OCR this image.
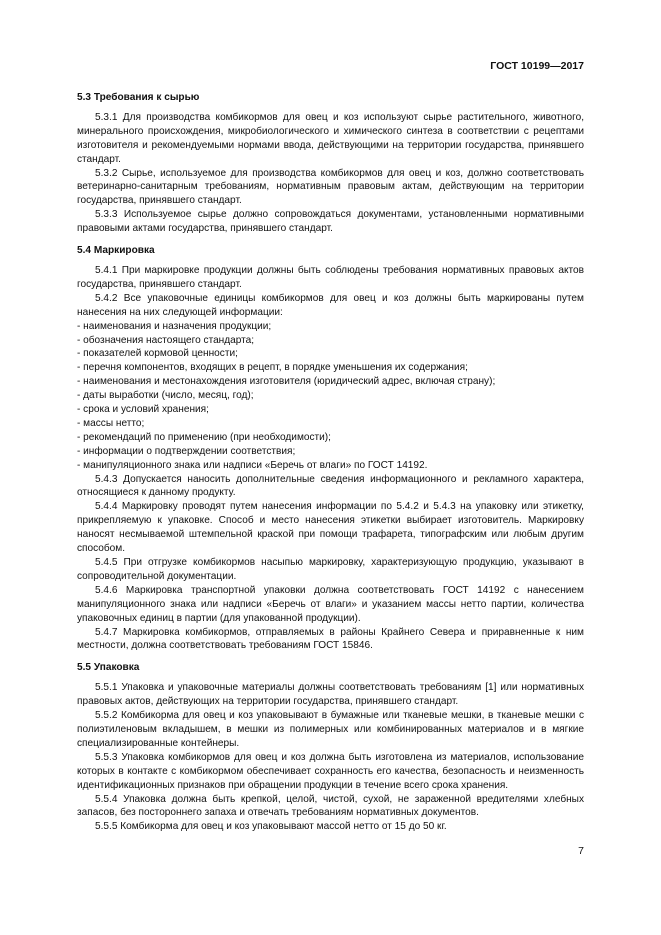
ГОСТ 10199—2017
5.3 Требования к сырью

5.3.1 Для производства комбикормов для овец и коз используют сырье растительного, животного, минерального происхождения, микробиологического и химического синтеза в соответствии с рецептами изготовителя и рекомендуемыми нормами ввода, действующими на территории государства, принявшего стандарт.

5.3.2 Сырье, используемое для производства комбикормов для овец и коз, должно соответствовать ветеринарно-санитарным требованиям, нормативным правовым актам, действующим на территории государства, принявшего стандарт.

5.3.3 Используемое сырье должно сопровождаться документами, установленными нормативными правовыми актами государства, принявшего стандарт.

5.4 Маркировка

5.4.1 При маркировке продукции должны быть соблюдены требования нормативных правовых актов государства, принявшего стандарт.

5.4.2 Все упаковочные единицы комбикормов для овец и коз должны быть маркированы путем нанесения на них следующей информации:

- наименования и назначения продукции;

- обозначения настоящего стандарта;

- показателей кормовой ценности;

- перечня компонентов, входящих в рецепт, в порядке уменьшения их содержания;

- наименования и местонахождения изготовителя (юридический адрес, включая страну);

- даты выработки (число, месяц, год);

- срока и условий хранения;

- массы нетто;

- рекомендаций по применению (при необходимости);

- информации о подтверждении соответствия;

- манипуляционного знака или надписи «Беречь от влаги» по ГОСТ 14192.

5.4.3 Допускается наносить дополнительные сведения информационного и рекламного характера, относящиеся к данному продукту.

5.4.4 Маркировку проводят путем нанесения информации по 5.4.2 и 5.4.3 на упаковку или этикетку, прикрепляемую к упаковке. Способ и место нанесения этикетки выбирает изготовитель. Маркировку наносят несмываемой штемпельной краской при помощи трафарета, типографским или любым другим способом.

5.4.5 При отгрузке комбикормов насыпью маркировку, характеризующую продукцию, указывают в сопроводительной документации.

5.4.6 Маркировка транспортной упаковки должна соответствовать ГОСТ 14192 с нанесением манипуляционного знака или надписи «Беречь от влаги» и указанием массы нетто партии, количества упаковочных единиц в партии (для упакованной продукции).

5.4.7 Маркировка комбикормов, отправляемых в районы Крайнего Севера и приравненные к ним местности, должна соответствовать требованиям ГОСТ 15846.

5.5 Упаковка

5.5.1 Упаковка и упаковочные материалы должны соответствовать требованиям [1] или нормативных правовых актов, действующих на территории государства, принявшего стандарт.

5.5.2 Комбикорма для овец и коз упаковывают в бумажные или тканевые мешки, в тканевые мешки с полиэтиленовым вкладышем, в мешки из полимерных или комбинированных материалов и в мягкие специализированные контейнеры.

5.5.3 Упаковка комбикормов для овец и коз должна быть изготовлена из материалов, использование которых в контакте с комбикормом обеспечивает сохранность его качества, безопасность и неизменность идентификационных признаков при обращении продукции в течение всего срока хранения.

5.5.4 Упаковка должна быть крепкой, целой, чистой, сухой, не зараженной вредителями хлебных запасов, без постороннего запаха и отвечать требованиям нормативных документов.

5.5.5 Комбикорма для овец и коз упаковывают массой нетто от 15 до 50 кг.

7
